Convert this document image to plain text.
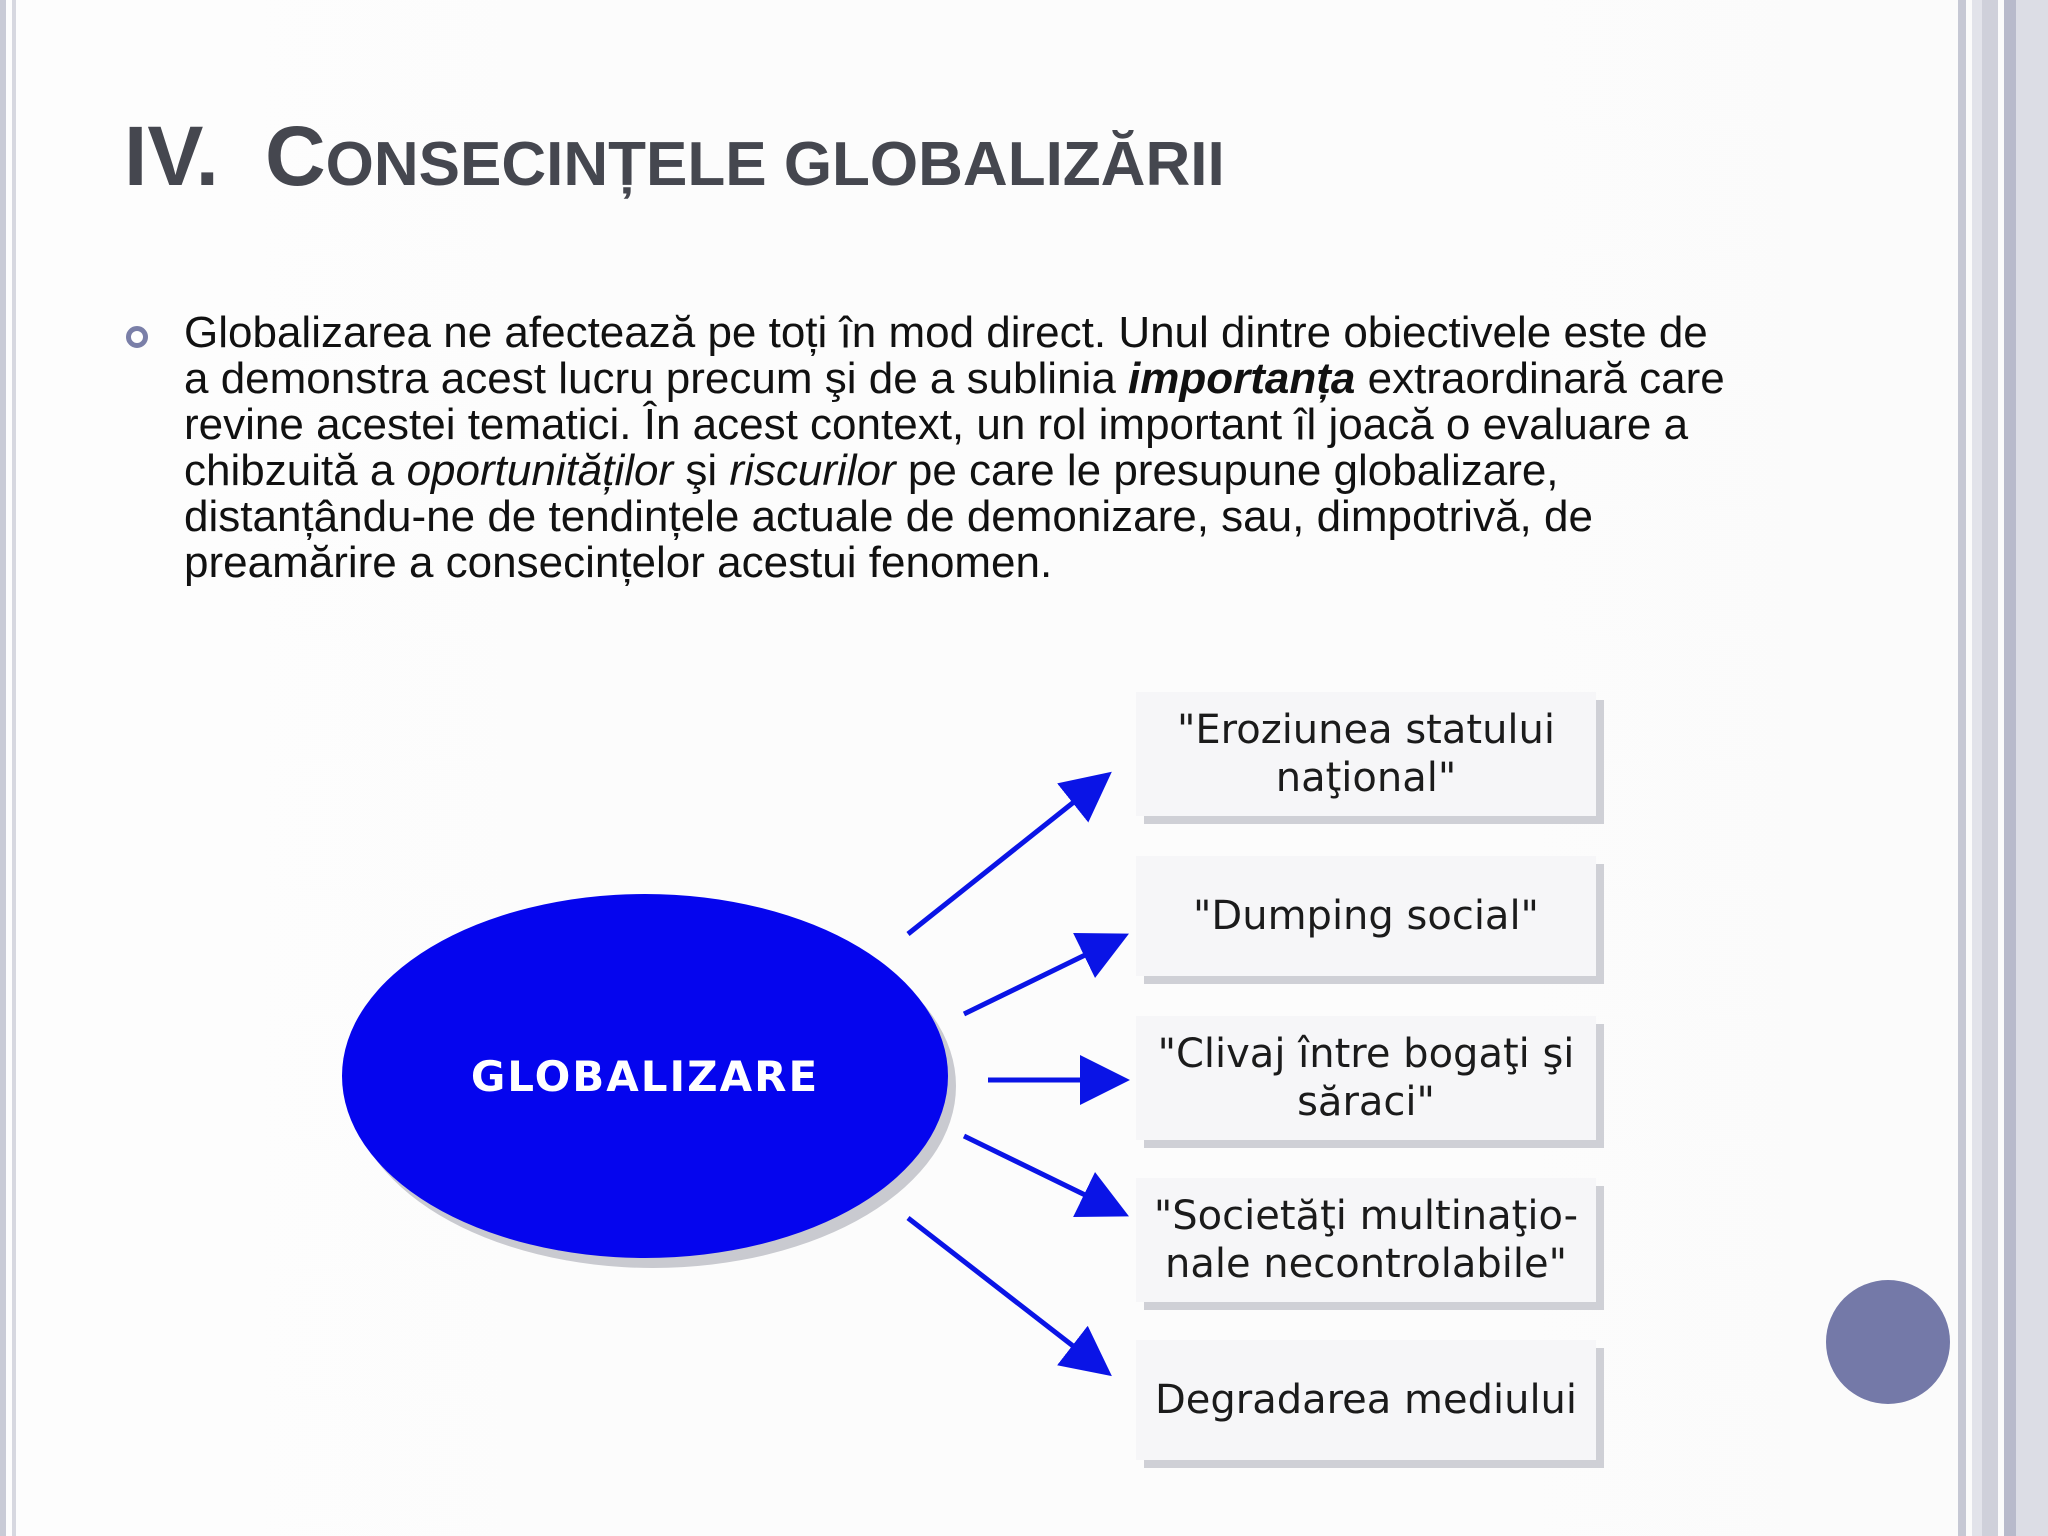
IV. CONSECINȚELE GLOBALIZĂRII
Globalizarea ne afectează pe toți în mod direct. Unul dintre obiectivele este de a demonstra acest lucru precum şi de a sublinia importanța extraordinară care revine acestei tematici. În acest context, un rol important îl joacă o evaluare a chibzuită a oportunităților şi riscurilor pe care le presupune globalizare, distanțându-ne de tendințele actuale de demonizare, sau, dimpotrivă, de preamărire a consecințelor acestui fenomen.
GLOBALIZARE
"Eroziunea statului naţional"
"Dumping social"
"Clivaj între bogaţi şi săraci"
"Societăţi multinaţio-nale necontrolabile"
Degradarea mediului
